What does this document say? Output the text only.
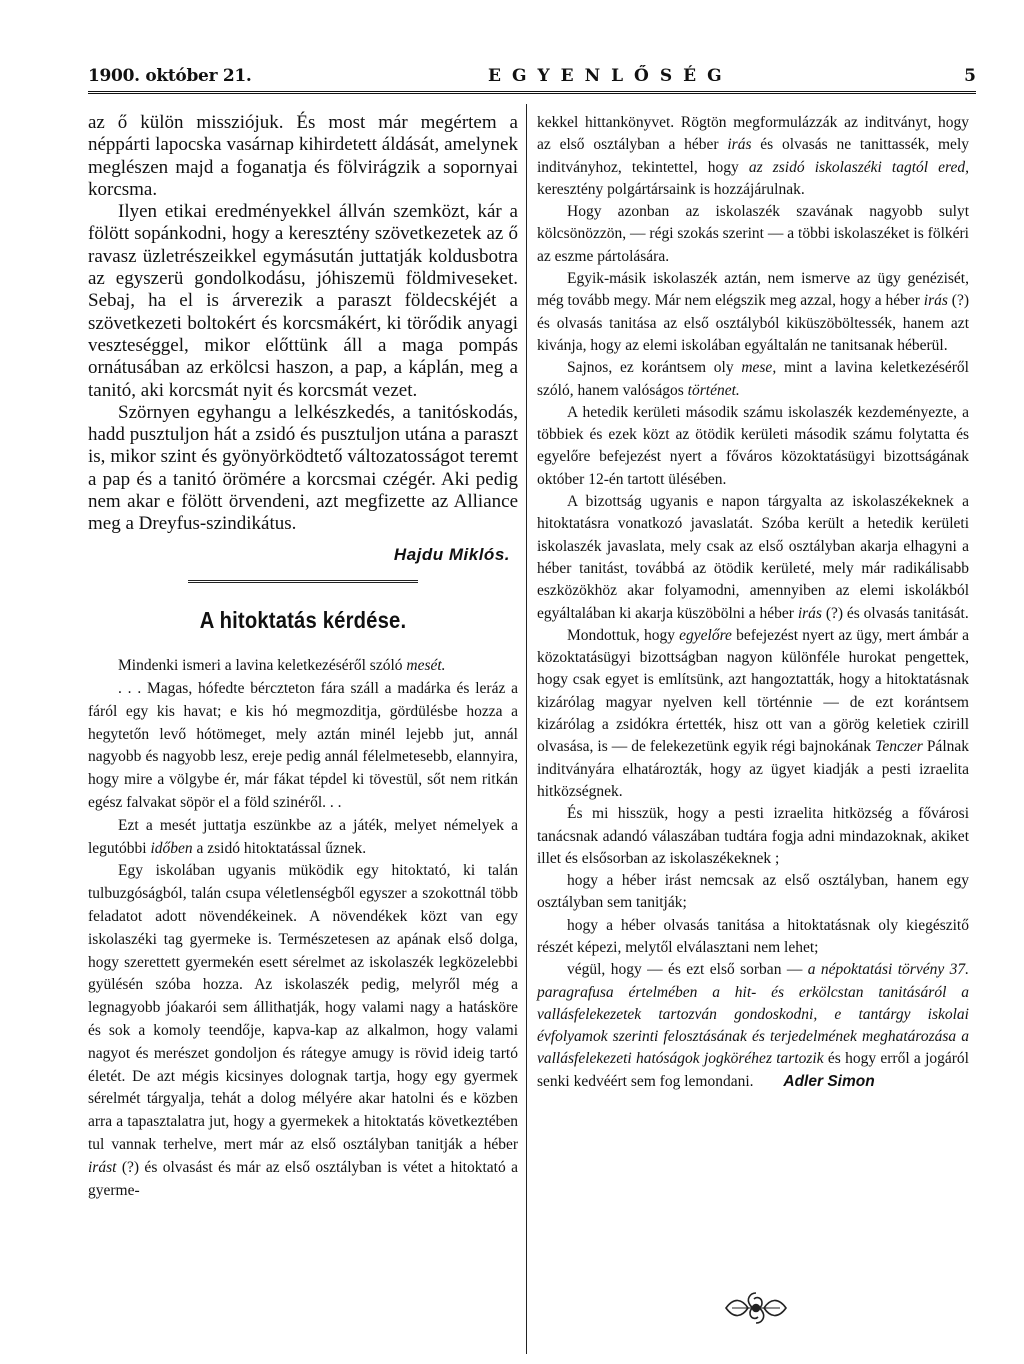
1900. október 21.	EGYENLŐSÉG	5

az ő külön missziójuk. És most már megértem a néppárti lapocska vasárnap kihirdetett áldását, amelynek meglészen majd a foganatja és fölvirágzik a sopornyai korcsma.

Ilyen etikai eredményekkel állván szemközt, kár a fölött sopánkodni, hogy a keresztény szövetkezetek az ő ravasz üzletrészeikkel egymásután juttatják koldusbotra az egyszerü gondolkodásu, jóhiszemü földmiveseket. Sebaj, ha el is árverezik a paraszt földecskéjét a szövetkezeti boltokért és korcsmákért, ki törődik anyagi veszteséggel, mikor előttünk áll a maga pompás ornátusában az erkölcsi haszon, a pap, a káplán, meg a tanitó, aki korcsmát nyit és korcsmát vezet.

Szörnyen egyhangu a lelkészkedés, a tanitóskodás, hadd pusztuljon hát a zsidó és pusztuljon utána a paraszt is, mikor szint és gyönyörködtető változatosságot teremt a pap és a tanitó örömére a korcsmai czégér. Aki pedig nem akar e fölött örvendeni, azt megfizette az Alliance meg a Dreyfus-szindikátus.

Hajdu Miklós.

A hitoktatás kérdése.

Mindenki ismeri a lavina keletkezéséről szóló mesét.

. . . Magas, hófedte bérczteton fára száll a madárka és leráz a fáról egy kis havat; e kis hó megmozditja, gördülésbe hozza a hegytetőn levő hótömeget, mely aztán minél lejebb jut, annál nagyobb és nagyobb lesz, ereje pedig annál félelmetesebb, elannyira, hogy mire a völgybe ér, már fákat tépdel ki tövestül, sőt nem ritkán egész falvakat söpör el a föld szinéről. . .

Ezt a mesét juttatja eszünkbe az a játék, melyet némelyek a legutóbbi időben a zsidó hitoktatással űznek.

Egy iskolában ugyanis müködik egy hitoktató, ki talán tulbuzgóságból, talán csupa véletlenségből egyszer a szokottnál több feladatot adott növendékeinek. A növendékek közt van egy iskolaszéki tag gyermeke is. Természetesen az apának első dolga, hogy szerettett gyermekén esett sérelmet az iskolaszék legközelebbi gyülésén szóba hozza. Az iskolaszék pedig, melyről még a legnagyobb jóakarói sem állithatják, hogy valami nagy a hatásköre és sok a komoly teendője, kapva-kap az alkalmon, hogy valami nagyot és merészet gondoljon és rátegye amugy is rövid ideig tartó életét. De azt mégis kicsinyes dolognak tartja, hogy egy gyermek sérelmét tárgyalja, tehát a dolog mélyére akar hatolni és e közben arra a tapasztalatra jut, hogy a gyermekek a hitoktatás következtében tul vannak terhelve, mert már az első osztályban tanitják a héber irást (?) és olvasást és már az első osztályban is vétet a hitoktató a gyerme-

kekkel hittankönyvet. Rögtön megformulázzák az inditványt, hogy az első osztályban a héber irás és olvasás ne tanittassék, mely inditványhoz, tekintettel, hogy az zsidó iskolaszéki tagtól ered, keresztény polgártársaink is hozzájárulnak.

Hogy azonban az iskolaszék szavának nagyobb sulyt kölcsönözzön, — régi szokás szerint — a többi iskolaszéket is fölkéri az eszme pártolására.

Egyik-másik iskolaszék aztán, nem ismerve az ügy genézisét, még tovább megy. Már nem elégszik meg azzal, hogy a héber irás (?) és olvasás tanitása az első osztályból kiküszöböltessék, hanem azt kivánja, hogy az elemi iskolában egyáltalán ne tanitsanak héberül.

Sajnos, ez korántsem oly mese, mint a lavina keletkezéséről szóló, hanem valóságos történet.

A hetedik kerületi második számu iskolaszék kezdeményezte, a többiek és ezek közt az ötödik kerületi második számu folytatta és egyelőre befejezést nyert a főváros közoktatásügyi bizottságának október 12-én tartott ülésében.

A bizottság ugyanis e napon tárgyalta az iskolaszékeknek a hitoktatásra vonatkozó javaslatát. Szóba került a hetedik kerületi iskolaszék javaslata, mely csak az első osztályban akarja elhagyni a héber tanitást, továbbá az ötödik kerületé, mely már radikálisabb eszközökhöz akar folyamodni, amennyiben az elemi iskolákból egyáltalában ki akarja küszöbölni a héber irás (?) és olvasás tanitását.

Mondottuk, hogy egyelőre befejezést nyert az ügy, mert ámbár a közoktatásügyi bizottságban nagyon különféle hurokat pengettek, hogy csak egyet is említsünk, azt hangoztatták, hogy a hitoktatásnak kizárólag magyar nyelven kell történnie — de ezt korántsem kizárólag a zsidókra értették, hisz ott van a görög keletiek czirill olvasása, is — de felekezetünk egyik régi bajnokának Tenczer Pálnak inditványára elhatározták, hogy az ügyet kiadják a pesti izraelita hitközségnek.

És mi hisszük, hogy a pesti izraelita hitközség a fővárosi tanácsnak adandó válaszában tudtára fogja adni mindazoknak, akiket illet és elsősorban az iskolaszékeknek ;

hogy a héber irást nemcsak az első osztályban, hanem egy osztályban sem tanitják;

hogy a héber olvasás tanitása a hitoktatásnak oly kiegészitő részét képezi, melytől elválasztani nem lehet;

végül, hogy — és ezt első sorban — a népoktatási törvény 37. paragrafusa értelmében a hit- és erkölcstan tanitásáról a vallásfelekezetek tartozván gondoskodni, e tantárgy iskolai évfolyamok szerinti felosztásának és terjedelmének meghatározása a vallásfelekezeti hatóságok jogköréhez tartozik és hogy erről a jogáról senki kedvéért sem fog lemondani. Adler Simon
